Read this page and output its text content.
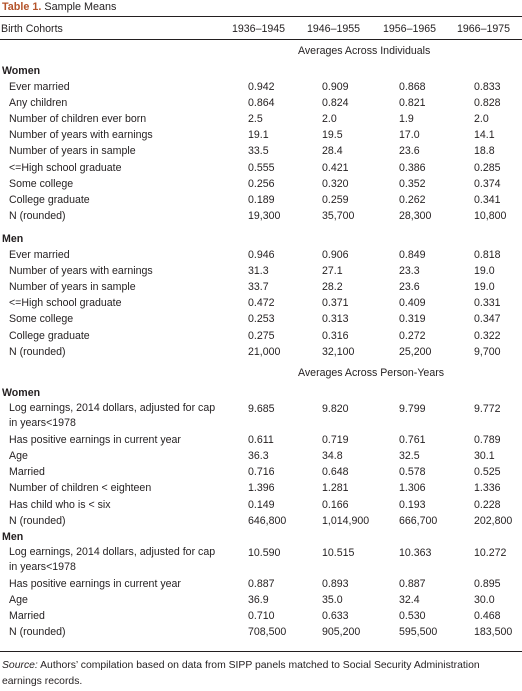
Table 1. Sample Means
Birth Cohorts	1936–1945 1946–1955 1956–1965 1966–1975
Averages Across Individuals
Women
Ever married	0.942	0.909	0.868	0.833
Any children	0.864	0.824	0.821	0.828
Number of children ever born	2.5	2.0	1.9	2.0
Number of years with earnings	19.1	19.5	17.0	14.1
Number of years in sample	33.5	28.4	23.6	18.8
<=High school graduate	0.555	0.421	0.386	0.285
Some college	0.256	0.320	0.352	0.374
College graduate	0.189	0.259	0.262	0.341
N (rounded)	19,300	35,700	28,300	10,800
Men
Ever married	0.946	0.906	0.849	0.818
Number of years with earnings	31.3	27.1	23.3	19.0
Number of years in sample	33.7	28.2	23.6	19.0
<=High school graduate	0.472	0.371	0.409	0.331
Some college	0.253	0.313	0.319	0.347
College graduate	0.275	0.316	0.272	0.322
N (rounded)	21,000	32,100	25,200	9,700
Averages Across Person-Years
Women
Log earnings, 2014 dollars, adjusted for cap in years<1978
9.685	9.820	9.799	9.772
Has positive earnings in current year	0.611	0.719	0.761	0.789
Age	36.3	34.8	32.5	30.1
Married	0.716	0.648	0.578	0.525
Number of children < eighteen	1.396	1.281	1.306	1.336
Has child who is < six	0.149	0.166	0.193	0.228
N (rounded)	646,800	1,014,900	666,700	202,800
Men
Log earnings, 2014 dollars, adjusted for cap in years<1978
10.590	10.515	10.363	10.272
Has positive earnings in current year	0.887	0.893	0.887	0.895
Age	36.9	35.0	32.4	30.0
Married	0.710	0.633	0.530	0.468
N (rounded)	708,500	905,200	595,500	183,500
Source: Authors’ compilation based on data from SIPP panels matched to Social Security Administration earnings records.
